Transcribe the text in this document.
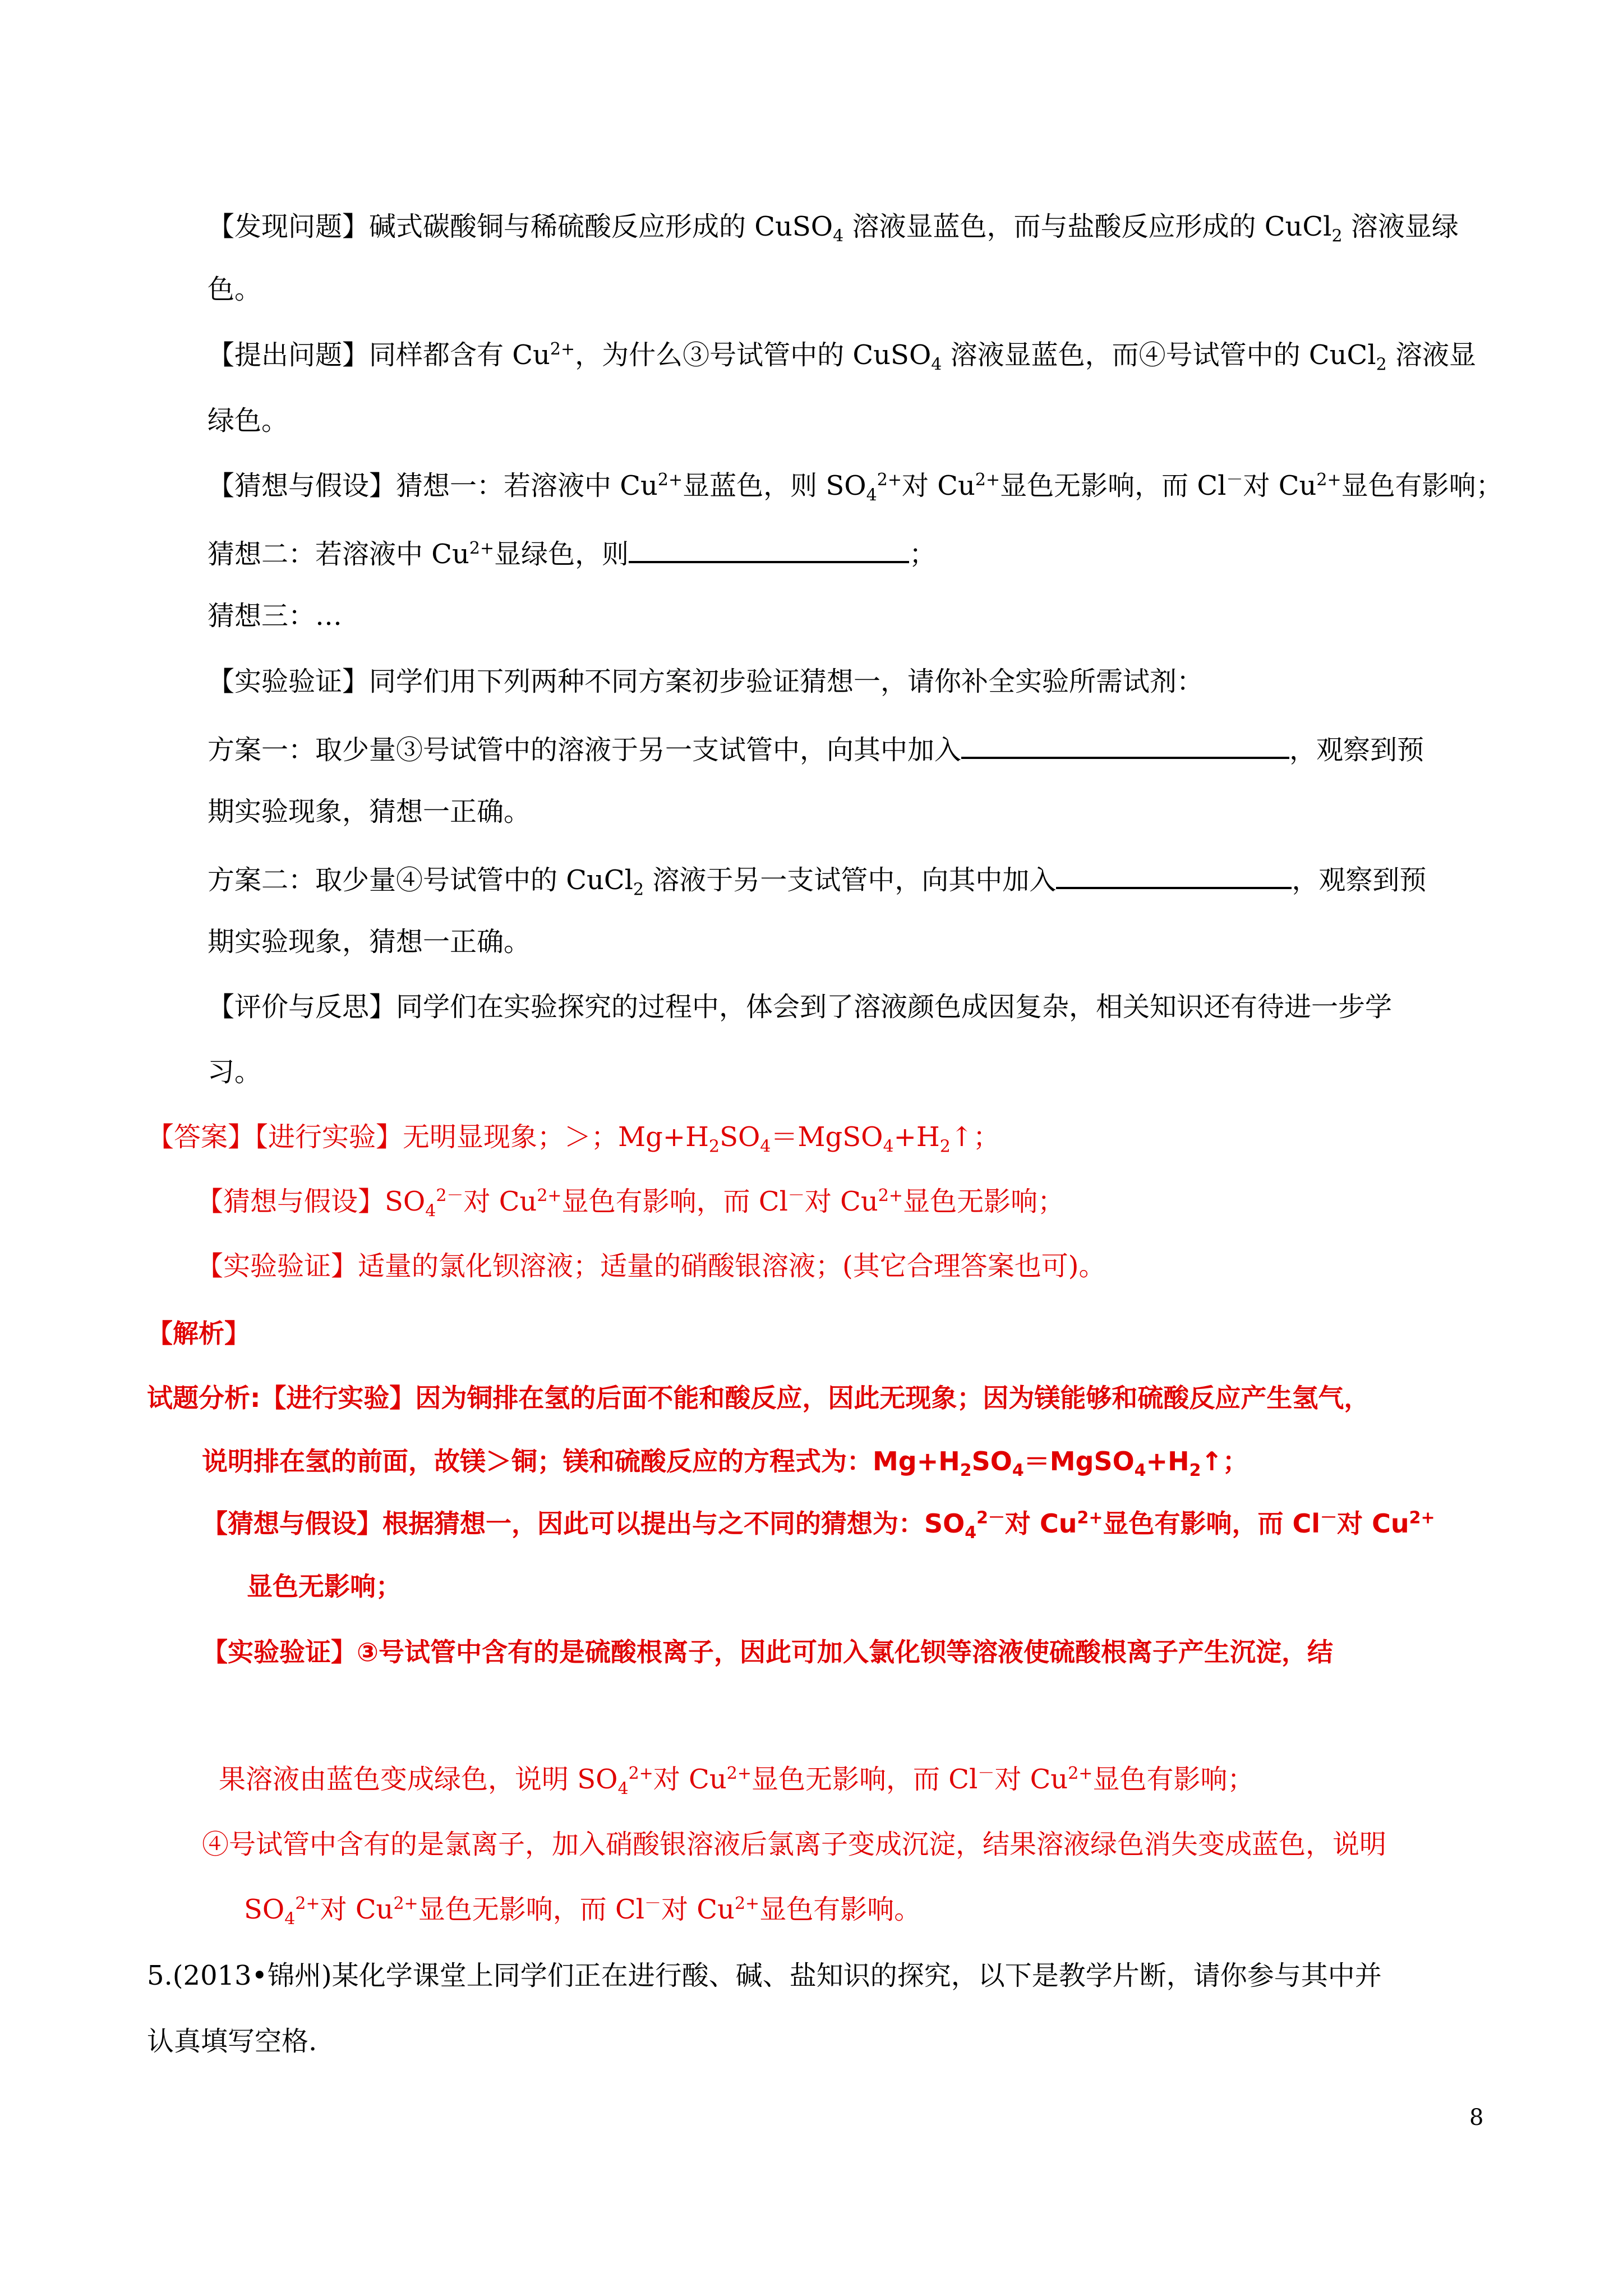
【发现问题】碱式碳酸铜与稀硫酸反应形成的 CuSO$_4$ 溶液显蓝色，而与盐酸反应形成的 CuCl$_2$ 溶液显绿
色。
【提出问题】同样都含有 $Cu^{2+}$，为什么③号试管中的 CuSO$_4$ 溶液显蓝色，而④号试管中的 CuCl$_2$ 溶液显
绿色。
【猜想与假设】猜想一：若溶液中 $Cu^{2+}$显蓝色，则 $SO_4^{2+}$对 $Cu^{2+}$显色无影响，而 Cl－对 $Cu^{2+}$显色有影响；
猜想二：若溶液中 $Cu^{2+}$显绿色，则	；
猜想三：…
【实验验证】同学们用下列两种不同方案初步验证猜想一，请你补全实验所需试剂：
方案一：取少量③号试管中的溶液于另一支试管中，向其中加入	，观察到预
期实验现象，猜想一正确。
方案二：取少量④号试管中的 CuCl$_2$ 溶液于另一支试管中，向其中加入	，观察到预
期实验现象，猜想一正确。
【评价与反思】同学们在实验探究的过程中，体会到了溶液颜色成因复杂，相关知识还有待进一步学
习。
【答案】【进行实验】无明显现象；＞；$Mg+H_2SO_4=MgSO_4+H_2↑$；
【猜想与假设】$SO_4^{2-}$对 $Cu^{2+}$显色有影响，而 Cl－对 $Cu^{2+}$显色无影响；
【实验验证】适量的氯化钡溶液；适量的硝酸银溶液；(其它合理答案也可)。
【解析】
试题分析:【进行实验】因为铜排在氢的后面不能和酸反应，因此无现象；因为镁能够和硫酸反应产生氢气，
说明排在氢的前面，故镁＞铜；镁和硫酸反应的方程式为：$Mg+H_2SO_4=MgSO_4+H_2↑$；
【猜想与假设】根据猜想一，因此可以提出与之不同的猜想为：$SO_4^{2-}$对 $Cu^{2+}$显色有影响，而 Cl－对 $Cu^{2+}$
显色无影响；
【实验验证】③号试管中含有的是硫酸根离子，因此可加入氯化钡等溶液使硫酸根离子产生沉淀，结
果溶液由蓝色变成绿色，说明 $SO_4^{2+}$对 $Cu^{2+}$显色无影响，而 Cl－对 $Cu^{2+}$显色有影响；
④号试管中含有的是氯离子，加入硝酸银溶液后氯离子变成沉淀，结果溶液绿色消失变成蓝色，说明
$SO_4^{2+}$对 $Cu^{2+}$显色无影响，而 Cl－对 $Cu^{2+}$显色有影响。
5.(2013•锦州)某化学课堂上同学们正在进行酸、碱、盐知识的探究，以下是教学片断，请你参与其中并
认真填写空格.
8
